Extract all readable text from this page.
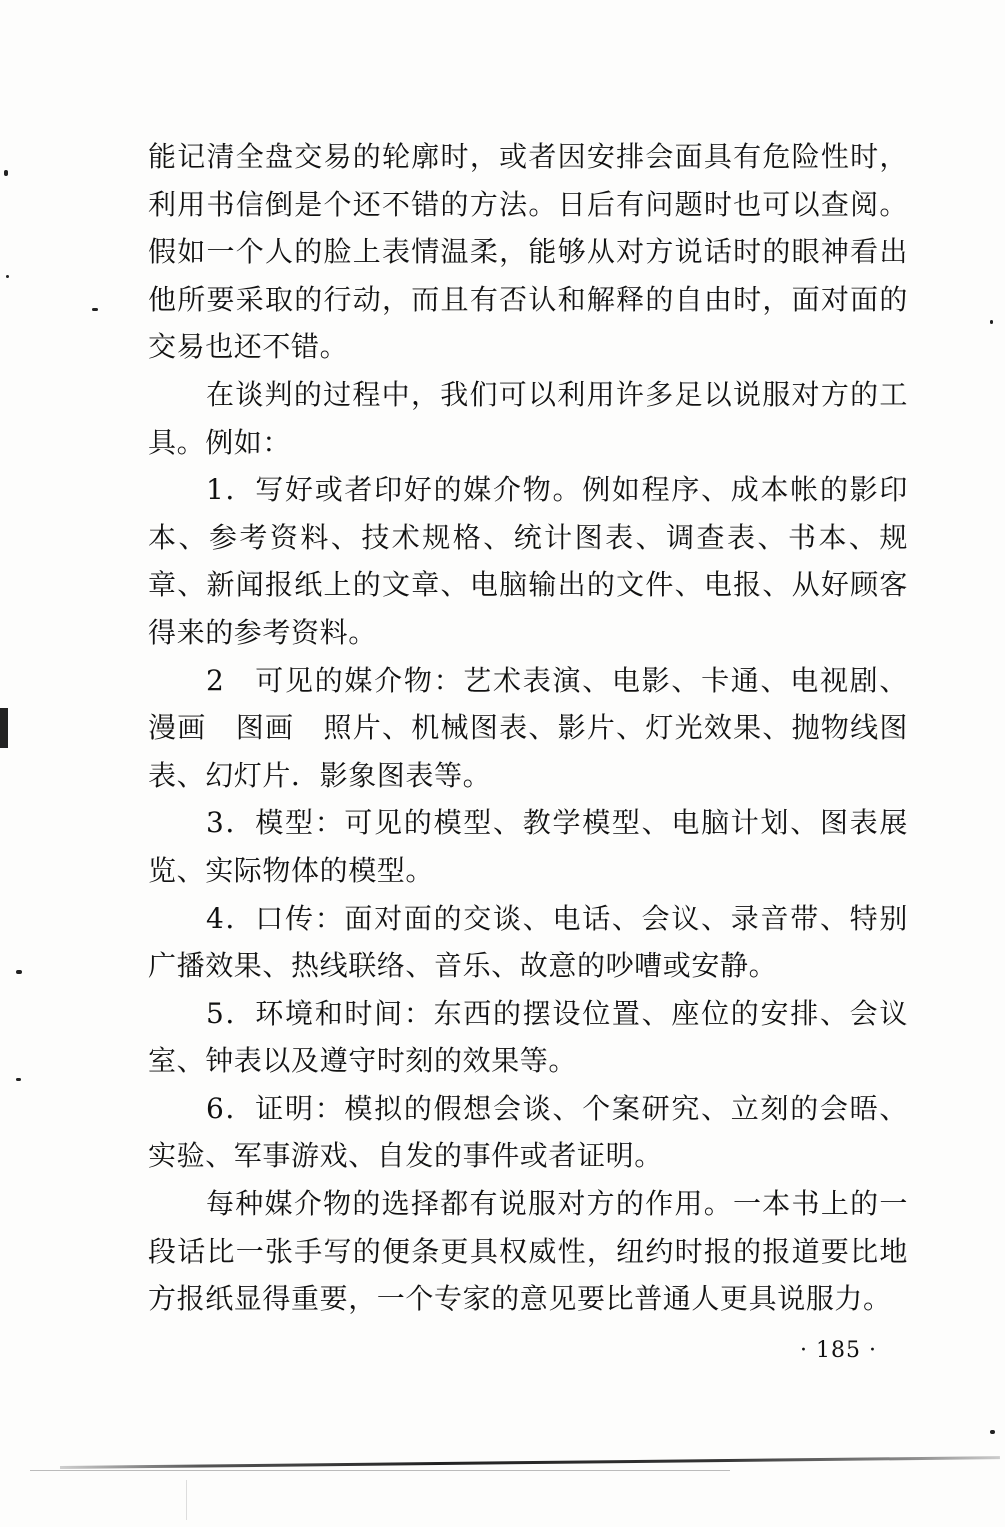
能记清全盘交易的轮廓时，或者因安排会面具有危险性时，利用书信倒是个还不错的方法。日后有问题时也可以查阅。假如一个人的脸上表情温柔，能够从对方说话时的眼神看出他所要采取的行动，而且有否认和解释的自由时，面对面的交易也还不错。

在谈判的过程中，我们可以利用许多足以说服对方的工具。例如：

1．写好或者印好的媒介物。例如程序、成本帐的影印本、参考资料、技术规格、统计图表、调查表、书本、规章、新闻报纸上的文章、电脑输出的文件、电报、从好顾客得来的参考资料。

2　可见的媒介物：艺术表演、电影、卡通、电视剧、漫画　图画　照片、机械图表、影片、灯光效果、抛物线图表、幻灯片．影象图表等。

3．模型：可见的模型、教学模型、电脑计划、图表展览、实际物体的模型。

4．口传：面对面的交谈、电话、会议、录音带、特别广播效果、热线联络、音乐、故意的吵嘈或安静。

5．环境和时间：东西的摆设位置、座位的安排、会议室、钟表以及遵守时刻的效果等。

6．证明：模拟的假想会谈、个案研究、立刻的会晤、实验、军事游戏、自发的事件或者证明。

每种媒介物的选择都有说服对方的作用。一本书上的一段话比一张手写的便条更具权威性，纽约时报的报道要比地方报纸显得重要，一个专家的意见要比普通人更具说服力。

· 185 ·
